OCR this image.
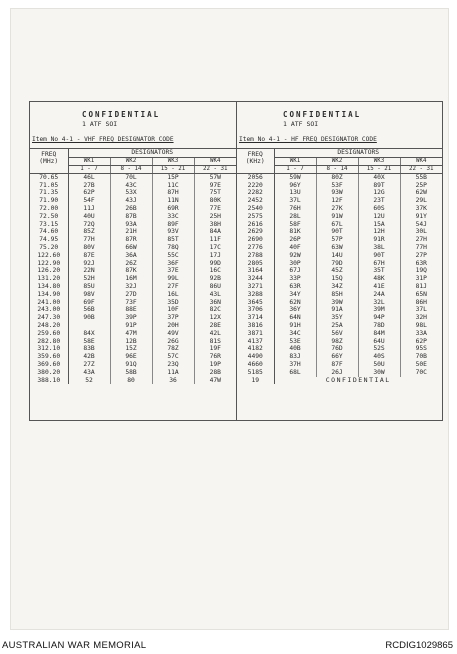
CONFIDENTIAL
1 ATF SOI
Item No 4-1 - VHF FREQ DESIGNATOR CODE
FREQ
(MHz)	DESIGNATORS			
	WK1	WK2	WK3	WK4
	1 - 7	8 - 14	15 - 21	22 - 31
70.65	46L	70L	15P	57W
71.05	27B	43C	11C	97E
71.35	62P	53X	87H	75T
71.90	54F	43J	11N	80K
72.00	11J	26B	69R	77E
72.50	40U	87B	33C	25H
73.15	72Q	93A	89F	38H
74.60	85Z	21H	93V	84A
74.95	77H	87R	85T	11F
75.20	80V	66W	78Q	17C
122.60	87E	36A	55C	17J
122.90	92J	26Z	36F	99D
126.20	22N	87K	37E	16C
131.20	52H	16M	99L	92B
134.80	85U	32J	27F	86U
134.90	98V	27D	16L	43L
241.00	69F	73F	35D	36N
243.00	56B	88E	10F	82C
247.30	90B	39P	37P	12X
248.20		91P	20H	28E
259.60	84X	47M	49V	42L
282.80	58E	12B	26G	81S
312.10	83B	15Z	78Z	19F
359.60	42B	96E	57C	76R
369.60	27Z	91Q	23Q	19P
380.20	43A	58B	11A	28B
388.10	52	80	36	47W
CONFIDENTIAL
1 ATF SOI
Item No 4-1 - HF FREQ DESIGNATOR CODE
FREQ
(KHz)	DESIGNATORS			
	WK1	WK2	WK3	WK4
	1 - 7	8 - 14	15 - 21	22 - 31
2056	59W	80Z	40X	55B
2220	96Y	53F	89T	25P
2282	13U	93W	12G	62W
2452	37L	12F	23T	29L
2540	76H	27K	60S	37K
2575	28L	91W	12U	91Y
2616	58F	67L	15A	54J
2629	81K	90T	12H	30L
2690	26P	57P	91R	27H
2776	40F	63W	38L	77H
2788	92W	14U	90T	27P
2805	30P	79D	67H	63R
3164	67J	45Z	35T	19Q
3244	33P	15Q	48K	31P
3271	63R	34Z	41E	81J
3288	34Y	85H	24A	65N
3645	62N	39W	32L	86H
3706	36Y	91A	39M	37L
3714	64N	35Y	94P	32H
3816	91H	25A	78D	98L
3871	34C	56V	84M	33A
4137	53E	98Z	64U	62P
4182	40B	76D	52S	95S
4490	83J	66Y	40S	70B
4660	37H	87F	50U	50E
5185	68L	26J	30W	70C
19	CONFIDENTIAL			
AUSTRALIAN WAR MEMORIAL	RCDIG1029865
